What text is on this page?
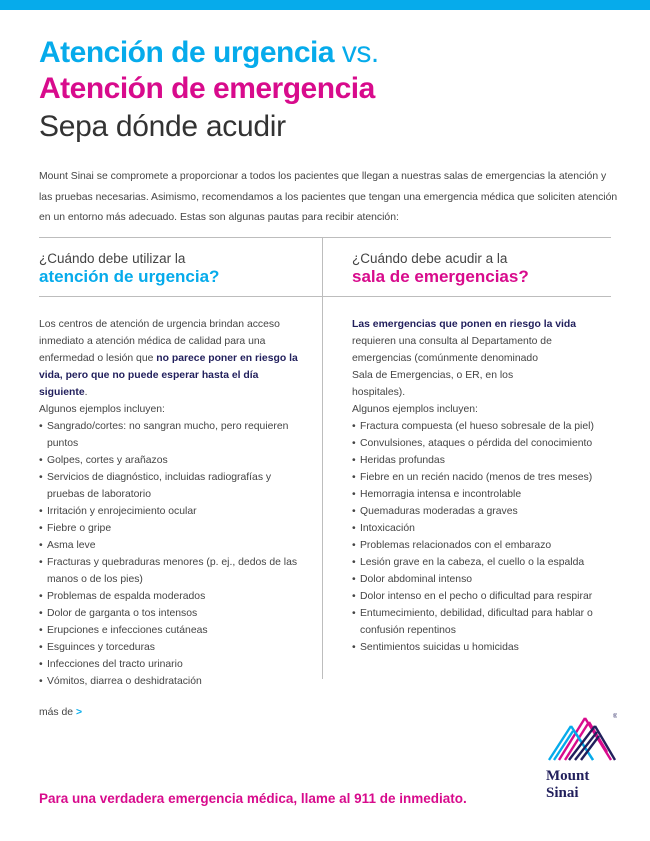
Atención de urgencia vs.
Atención de emergencia
Sepa dónde acudir
Mount Sinai se compromete a proporcionar a todos los pacientes que llegan a nuestras salas de emergencias la atención y las pruebas necesarias. Asimismo, recomendamos a los pacientes que tengan una emergencia médica que soliciten atención en un entorno más adecuado. Estas son algunas pautas para recibir atención:
¿Cuándo debe utilizar la
atención de urgencia?

Los centros de atención de urgencia brindan acceso inmediato a atención médica de calidad para una enfermedad o lesión que no parece poner en riesgo la vida, pero que no puede esperar hasta el día siguiente.

Algunos ejemplos incluyen:

• Sangrado/cortes: no sangran mucho, pero requieren puntos
• Golpes, cortes y arañazos
• Servicios de diagnóstico, incluidas radiografías y pruebas de laboratorio
• Irritación y enrojecimiento ocular
• Fiebre o gripe
• Asma leve
• Fracturas y quebraduras menores (p. ej., dedos de las manos o de los pies)
• Problemas de espalda moderados
• Dolor de garganta o tos intensos
• Erupciones e infecciones cutáneas
• Esguinces y torceduras
• Infecciones del tracto urinario
• Vómitos, diarrea o deshidratación
¿Cuándo debe acudir a la
sala de emergencias?

Las emergencias que ponen en riesgo la vida

requieren una consulta al Departamento de emergencias (comúnmente denominado Sala de Emergencias, o ER, en los hospitales).

Algunos ejemplos incluyen:

• Fractura compuesta (el hueso sobresale de la piel)
• Convulsiones, ataques o pérdida del conocimiento
• Heridas profundas
• Fiebre en un recién nacido (menos de tres meses)
• Hemorragia intensa e incontrolable
• Quemaduras moderadas a graves
• Intoxicación
• Problemas relacionados con el embarazo
• Lesión grave en la cabeza, el cuello o la espalda
• Dolor abdominal intenso
• Dolor intenso en el pecho o dificultad para respirar
• Entumecimiento, debilidad, dificultad para hablar o confusión repentinos
• Sentimientos suicidas u homicidas
más de >
Para una verdadera emergencia médica, llame al 911 de inmediato.
®
Mount
Sinai
